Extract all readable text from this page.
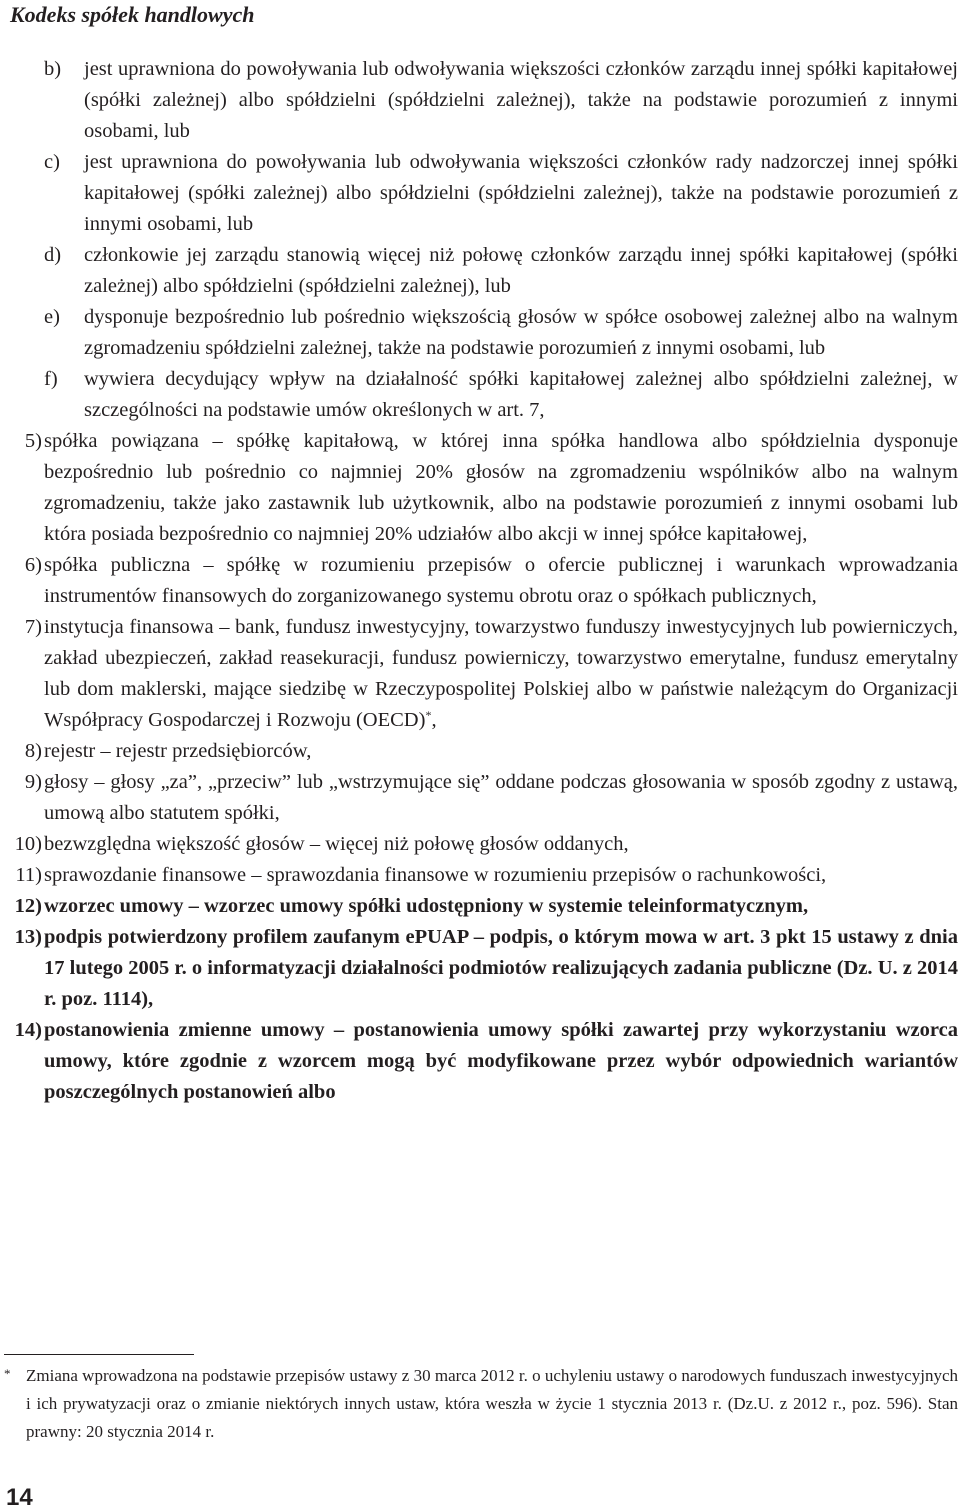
Kodeks spółek handlowych
b) jest uprawniona do powoływania lub odwoływania większości członków zarządu innej spółki kapitałowej (spółki zależnej) albo spółdzielni (spółdzielni zależnej), także na podstawie porozumień z innymi osobami, lub
c) jest uprawniona do powoływania lub odwoływania większości członków rady nadzorczej innej spółki kapitałowej (spółki zależnej) albo spółdzielni (spółdzielni zależnej), także na podstawie porozumień z innymi osobami, lub
d) członkowie jej zarządu stanowią więcej niż połowę członków zarządu innej spółki kapitałowej (spółki zależnej) albo spółdzielni (spółdzielni zależnej), lub
e) dysponuje bezpośrednio lub pośrednio większością głosów w spółce osobowej zależnej albo na walnym zgromadzeniu spółdzielni zależnej, także na podstawie porozumień z innymi osobami, lub
f) wywiera decydujący wpływ na działalność spółki kapitałowej zależnej albo spółdzielni zależnej, w szczególności na podstawie umów określonych w art. 7,
5) spółka powiązana – spółkę kapitałową, w której inna spółka handlowa albo spółdzielnia dysponuje bezpośrednio lub pośrednio co najmniej 20% głosów na zgromadzeniu wspólników albo na walnym zgromadzeniu, także jako zastawnik lub użytkownik, albo na podstawie porozumień z innymi osobami lub która posiada bezpośrednio co najmniej 20% udziałów albo akcji w innej spółce kapitałowej,
6) spółka publiczna – spółkę w rozumieniu przepisów o ofercie publicznej i warunkach wprowadzania instrumentów finansowych do zorganizowanego systemu obrotu oraz o spółkach publicznych,
7) instytucja finansowa – bank, fundusz inwestycyjny, towarzystwo funduszy inwestycyjnych lub powierniczych, zakład ubezpieczeń, zakład reasekuracji, fundusz powierniczy, towarzystwo emerytalne, fundusz emerytalny lub dom maklerski, mające siedzibę w Rzeczypospolitej Polskiej albo w państwie należącym do Organizacji Współpracy Gospodarczej i Rozwoju (OECD)*,
8) rejestr – rejestr przedsiębiorców,
9) głosy – głosy „za”, „przeciw” lub „wstrzymujące się” oddane podczas głosowania w sposób zgodny z ustawą, umową albo statutem spółki,
10) bezwzględna większość głosów – więcej niż połowę głosów oddanych,
11) sprawozdanie finansowe – sprawozdania finansowe w rozumieniu przepisów o rachunkowości,
12) wzorzec umowy – wzorzec umowy spółki udostępniony w systemie teleinformatycznym,
13) podpis potwierdzony profilem zaufanym ePUAP – podpis, o którym mowa w art. 3 pkt 15 ustawy z dnia 17 lutego 2005 r. o informatyzacji działalności podmiotów realizujących zadania publiczne (Dz. U. z 2014 r. poz. 1114),
14) postanowienia zmienne umowy – postanowienia umowy spółki zawartej przy wykorzystaniu wzorca umowy, które zgodnie z wzorcem mogą być modyfikowane przez wybór odpowiednich wariantów poszczególnych postanowień albo
* Zmiana wprowadzona na podstawie przepisów ustawy z 30 marca 2012 r. o uchyleniu ustawy o narodowych funduszach inwestycyjnych i ich prywatyzacji oraz o zmianie niektórych innych ustaw, która weszła w życie 1 stycznia 2013 r. (Dz.U. z 2012 r., poz. 596). Stan prawny: 20 stycznia 2014 r.
14
